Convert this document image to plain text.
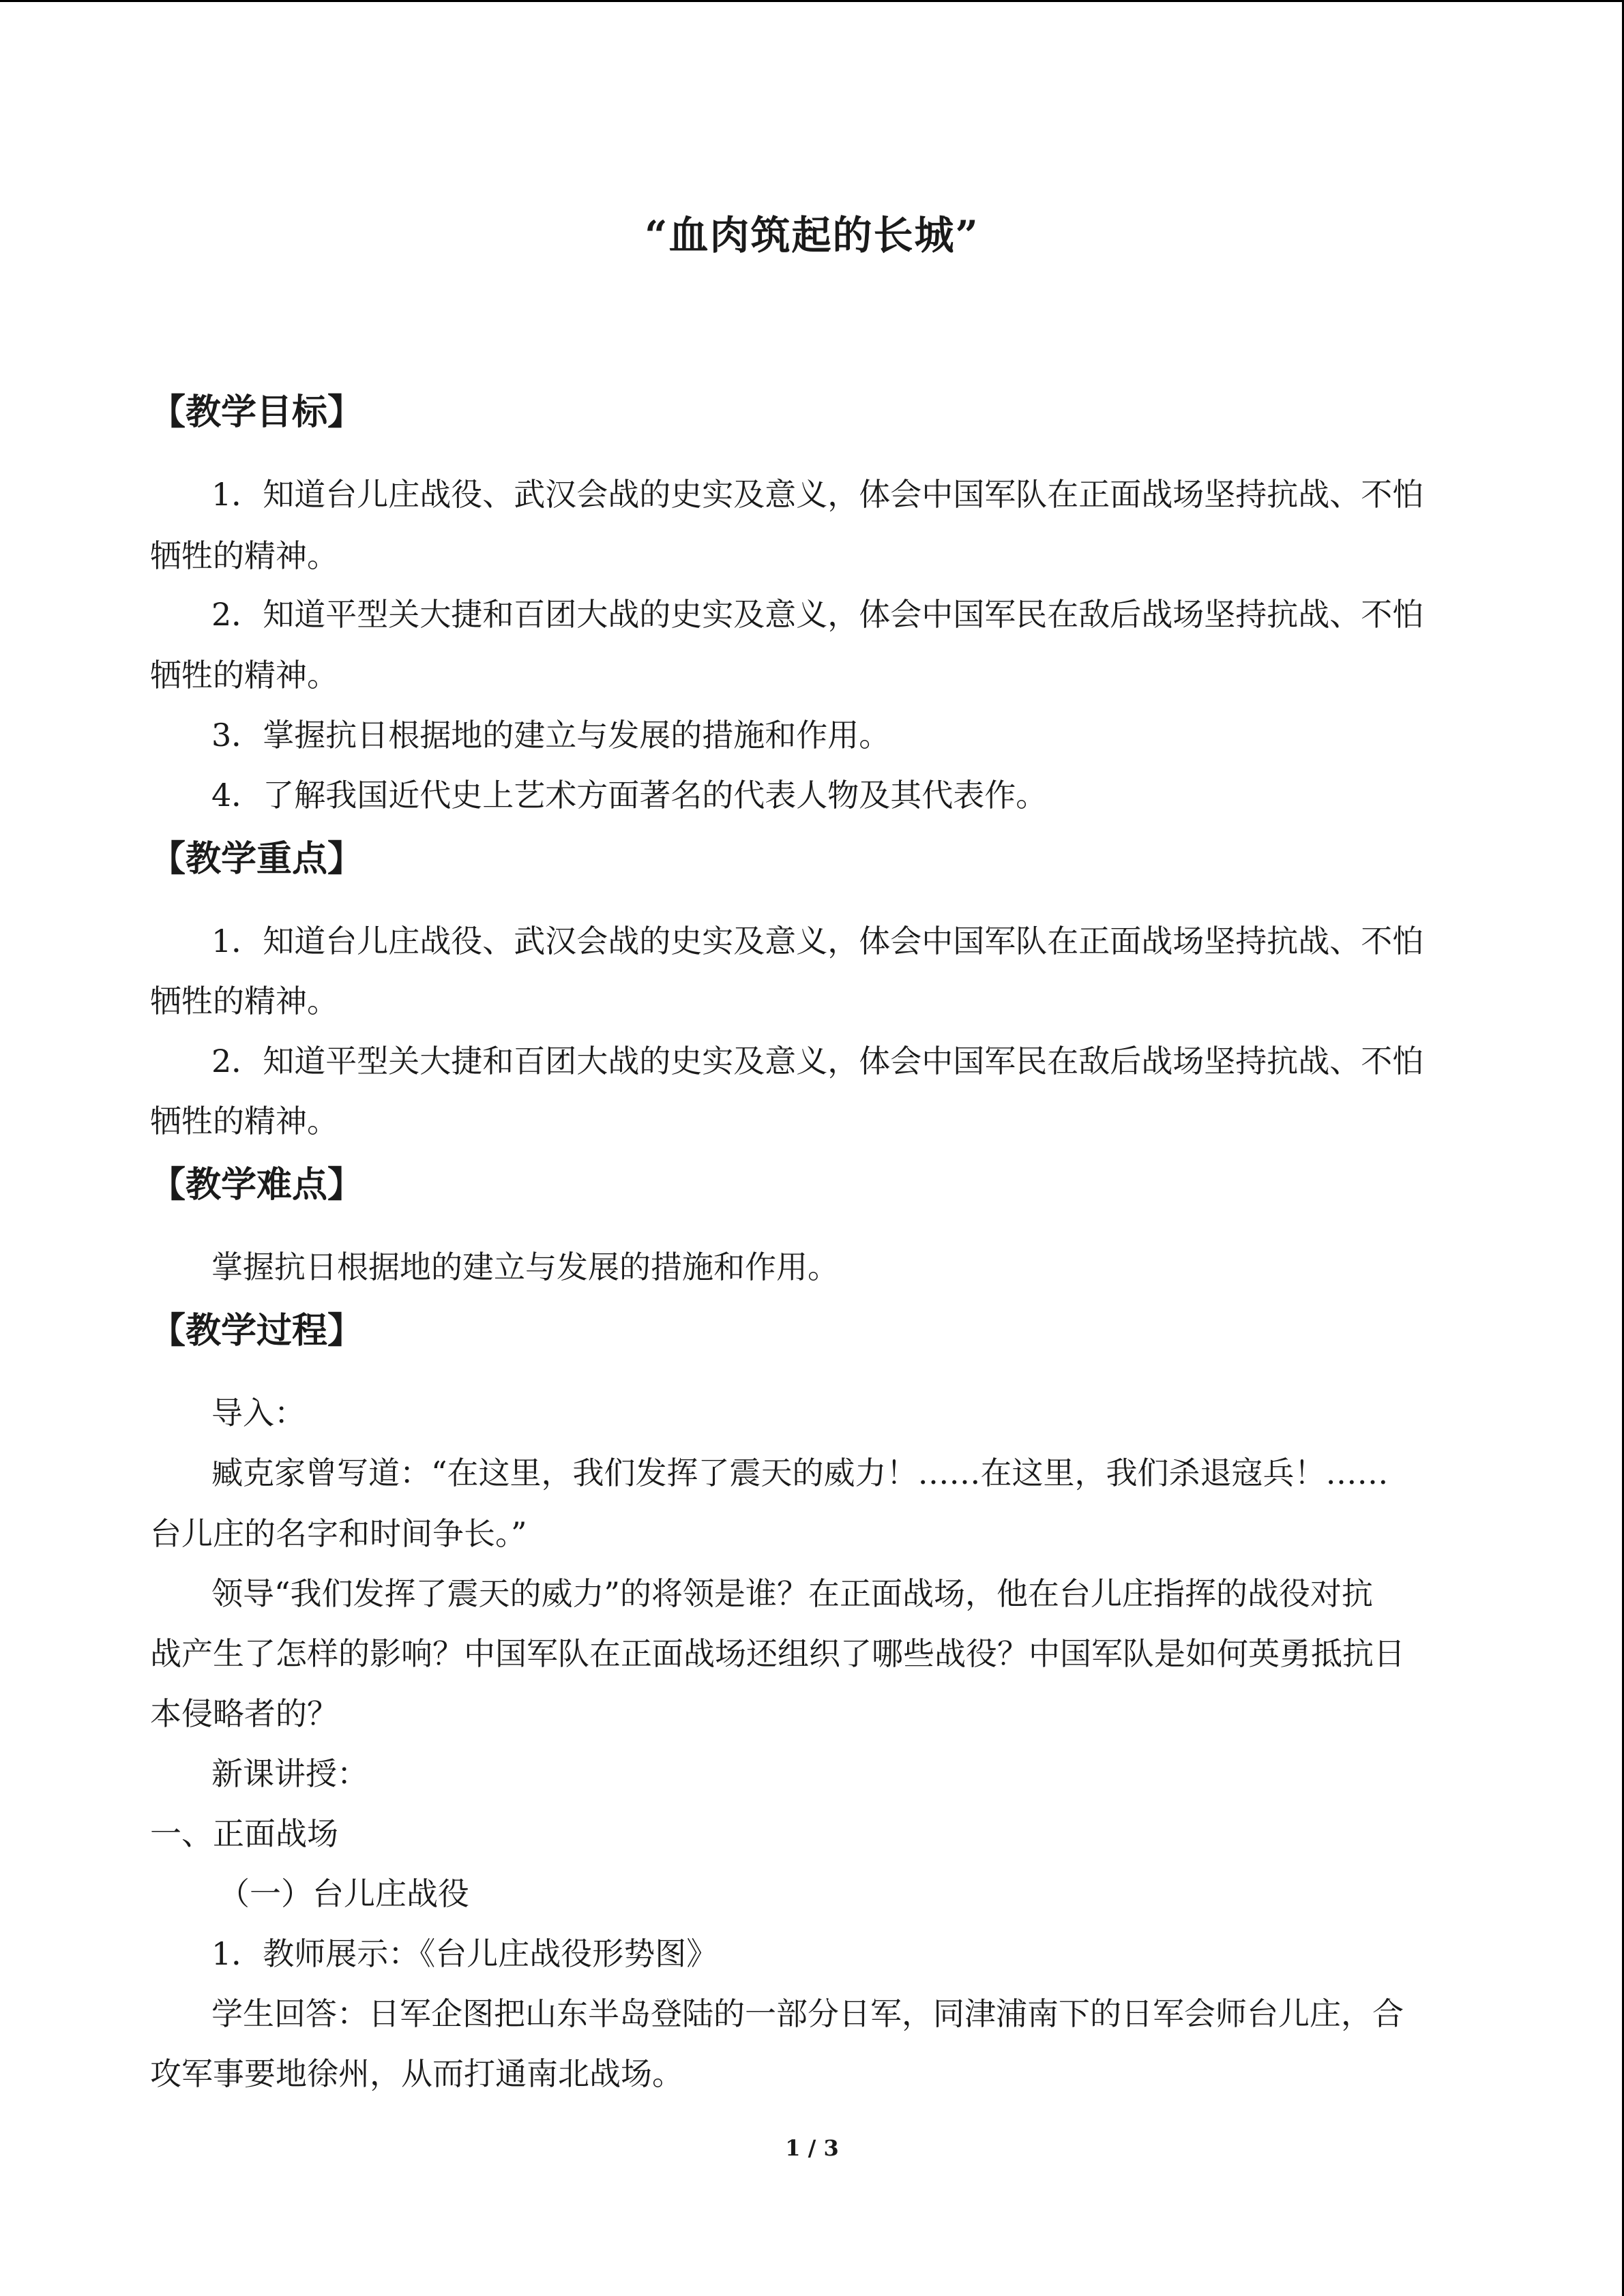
“血肉筑起的长城”
【教学目标】
1．知道台儿庄战役、武汉会战的史实及意义，体会中国军队在正面战场坚持抗战、不怕
牺牲的精神。
2．知道平型关大捷和百团大战的史实及意义，体会中国军民在敌后战场坚持抗战、不怕
牺牲的精神。
3．掌握抗日根据地的建立与发展的措施和作用。
4．了解我国近代史上艺术方面著名的代表人物及其代表作。
【教学重点】
1．知道台儿庄战役、武汉会战的史实及意义，体会中国军队在正面战场坚持抗战、不怕
牺牲的精神。
2．知道平型关大捷和百团大战的史实及意义，体会中国军民在敌后战场坚持抗战、不怕
牺牲的精神。
【教学难点】
掌握抗日根据地的建立与发展的措施和作用。
【教学过程】
导入：
臧克家曾写道：“在这里，我们发挥了震天的威力！……在这里，我们杀退寇兵！……
台儿庄的名字和时间争长。”
领导“我们发挥了震天的威力”的将领是谁？在正面战场，他在台儿庄指挥的战役对抗
战产生了怎样的影响？中国军队在正面战场还组织了哪些战役？中国军队是如何英勇抵抗日
本侵略者的？
新课讲授：
一、正面战场
（一）台儿庄战役
1．教师展示：《台儿庄战役形势图》
学生回答：日军企图把山东半岛登陆的一部分日军，同津浦南下的日军会师台儿庄，合
攻军事要地徐州，从而打通南北战场。
1 / 3
